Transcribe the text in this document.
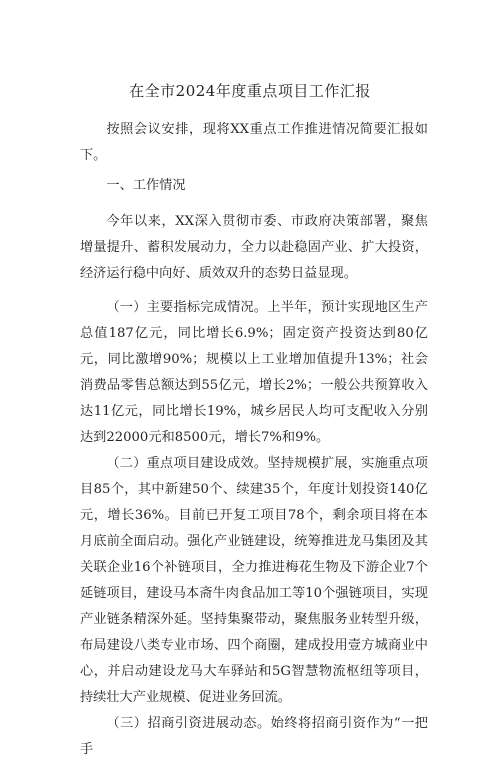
在全市2024年度重点项目工作汇报

按照会议安排，现将XX重点工作推进情况简要汇报如下。

一、工作情况

今年以来，XX深入贯彻市委、市政府决策部署，聚焦增量提升、蓄积发展动力，全力以赴稳固产业、扩大投资，经济运行稳中向好、质效双升的态势日益显现。

（一）主要指标完成情况。上半年，预计实现地区生产总值187亿元，同比增长6.9%；固定资产投资达到80亿元，同比激增90%；规模以上工业增加值提升13%；社会消费品零售总额达到55亿元，增长2%；一般公共预算收入达11亿元，同比增长19%，城乡居民人均可支配收入分别达到22000元和8500元，增长7%和9%。

（二）重点项目建设成效。坚持规模扩展，实施重点项目85个，其中新建50个、续建35个，年度计划投资140亿元，增长36%。目前已开复工项目78个，剩余项目将在本月底前全面启动。强化产业链建设，统筹推进龙马集团及其关联企业16个补链项目，全力推进梅花生物及下游企业7个延链项目，建设马本斋牛肉食品加工等10个强链项目，实现产业链条精深外延。坚持集聚带动，聚焦服务业转型升级，布局建设八类专业市场、四个商圈，建成投用壹方城商业中心，并启动建设龙马大车驿站和5G智慧物流枢纽等项目，持续壮大产业规模、促进业务回流。

（三）招商引资进展动态。始终将招商引资作为“一把手
